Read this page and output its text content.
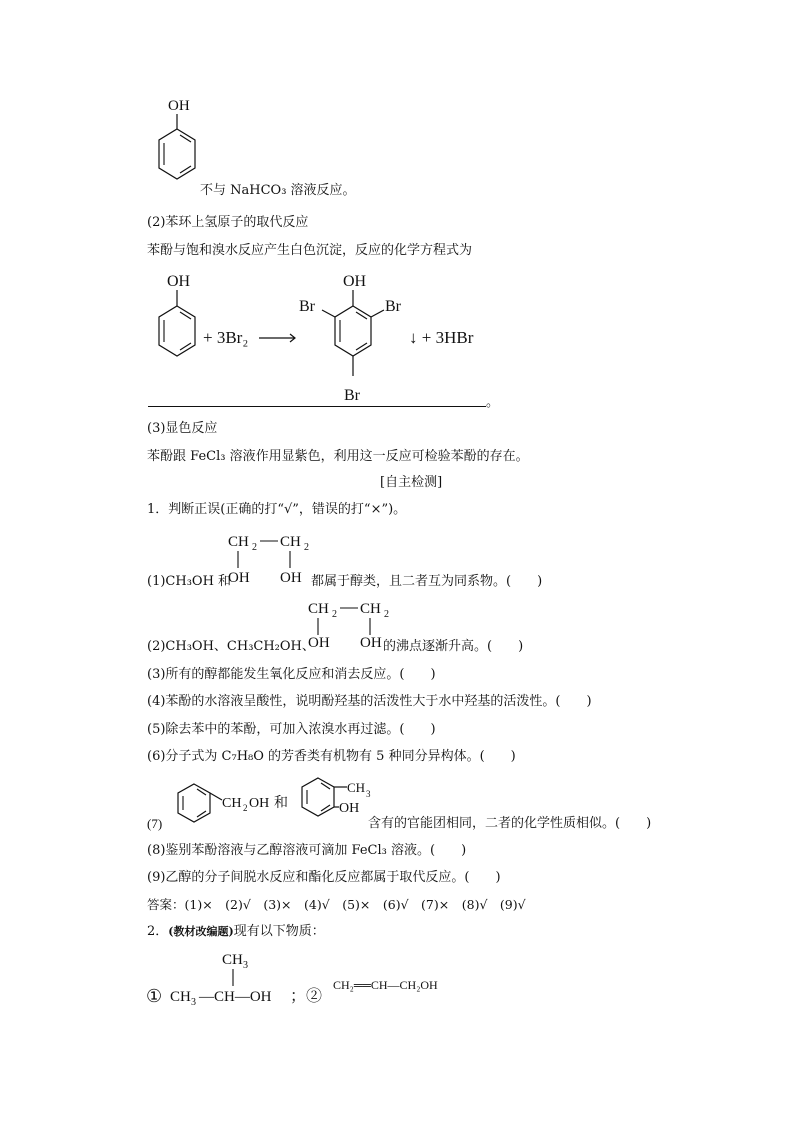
OH
不与 NaHCO₃ 溶液反应。
(2)苯环上氢原子的取代反应
苯酚与饱和溴水反应产生白色沉淀，反应的化学方程式为
OH
+ 3Br₂
OH
Br	Br
Br
↓ + 3HBr
。
(3)显色反应
苯酚跟 FeCl₃ 溶液作用显紫色，利用这一反应可检验苯酚的存在。
[自主检测]
1．判断正误(正确的打“√”，错误的打“×”)。
CH 2 CH 2
OH OH
(1)CH₃OH 和	都属于醇类，且二者互为同系物。(　　)
CH 2 CH 2
OH OH
(2)CH₃OH、CH₃CH₂OH、	的沸点逐渐升高。(　　)
(3)所有的醇都能发生氧化反应和消去反应。(　　)
(4)苯酚的水溶液呈酸性，说明酚羟基的活泼性大于水中羟基的活泼性。(　　)
(5)除去苯中的苯酚，可加入浓溴水再过滤。(　　)
(6)分子式为 C₇H₈O 的芳香类有机物有 5 种同分异构体。(　　)
(7)
CH 2 OH 和
CH 3
OH
含有的官能团相同，二者的化学性质相似。(　　)
(8)鉴别苯酚溶液与乙醇溶液可滴加 FeCl₃ 溶液。(　　)
(9)乙醇的分子间脱水反应和酯化反应都属于取代反应。(　　)
答案：(1)×　(2)√　(3)×　(4)√　(5)×　(6)√　(7)×　(8)√　(9)√
2．(教材改编题)现有以下物质：
①
CH 3
CH 3 —CH—OH ；②
CH₂══CH—CH₂OH
